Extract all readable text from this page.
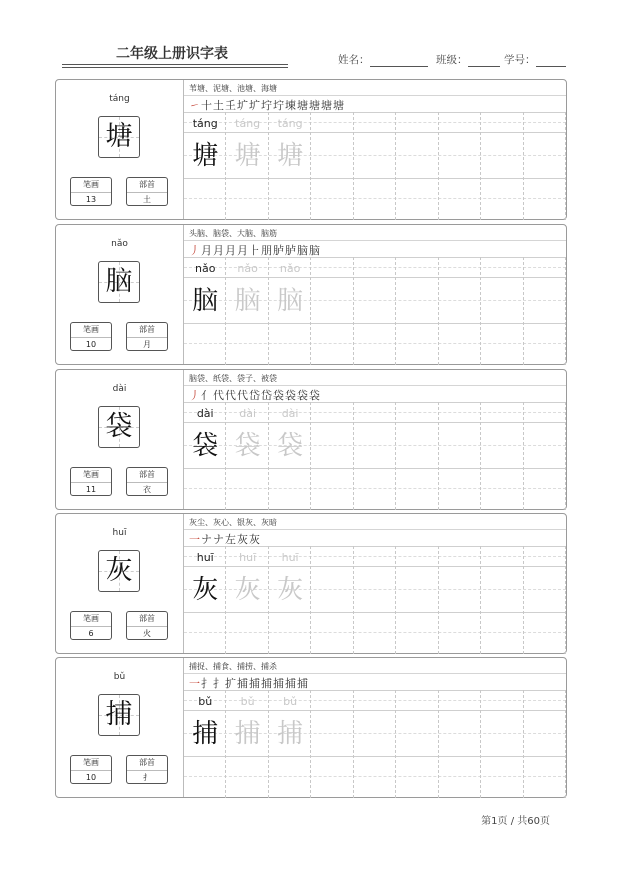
二年级上册识字表	姓名：	班级：	学号：
táng
塘
笔画
13
部首
土
苇塘、泥塘、池塘、海塘
㇀十土𡈼圹圹坾坾埬塘塘塘塘
táng
塘
táng
塘
táng
塘
nǎo
脑
笔画
10
部首
月
头脑、脑袋、大脑、脑筋
丿月月月月⺊朋胪胪脑脑
nǎo
脑
nǎo
脑
nǎo
脑
dài
袋
笔画
11
部首
衣
脑袋、纸袋、袋子、被袋
丿亻代代代岱岱袋袋袋袋
dài
袋
dài
袋
dài
袋
huī
灰
笔画
6
部首
火
灰尘、灰心、银灰、灰暗
一ナナ左灰灰
huī
灰
huī
灰
huī
灰
bǔ
捕
笔画
10
部首
扌
捕捉、捕食、捕捞、捕杀
一扌扌扩捕捕捕捕捕捕
bǔ
捕
bǔ
捕
bǔ
捕
第1页 / 共60页
